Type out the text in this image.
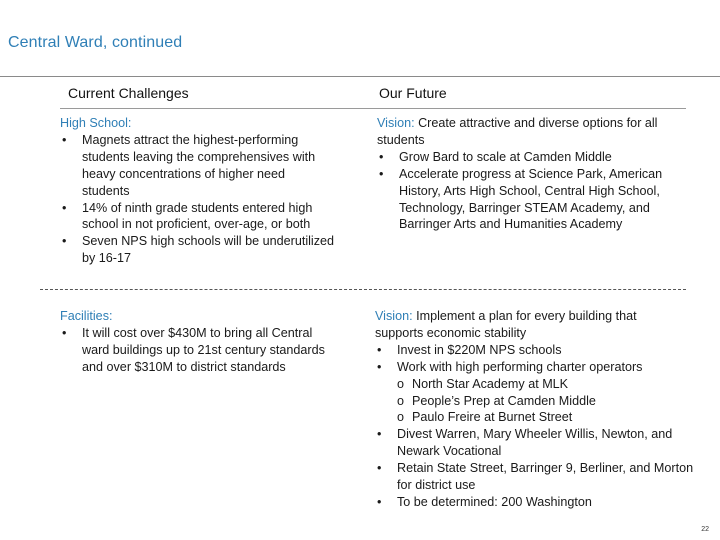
Central Ward, continued
Current Challenges	Our Future
High School:
• Magnets attract the highest-performing students leaving the comprehensives with heavy concentrations of higher need students
• 14% of ninth grade students entered high school in not proficient, over-age, or both
• Seven NPS high schools will be underutilized by 16-17
Vision: Create attractive and diverse options for all students
• Grow Bard to scale at Camden Middle
• Accelerate progress at Science Park, American History, Arts High School, Central High School, Technology, Barringer STEAM Academy, and Barringer Arts and Humanities Academy
Facilities:
• It will cost over $430M to bring all Central ward buildings up to 21st century standards and over $310M to district standards
Vision: Implement a plan for every building that supports economic stability
• Invest in $220M NPS schools
• Work with high performing charter operators
o North Star Academy at MLK
o People’s Prep at Camden Middle
o Paulo Freire at Burnet Street
• Divest Warren, Mary Wheeler Willis, Newton, and Newark Vocational
• Retain State Street, Barringer 9, Berliner, and Morton for district use
• To be determined: 200 Washington
22
